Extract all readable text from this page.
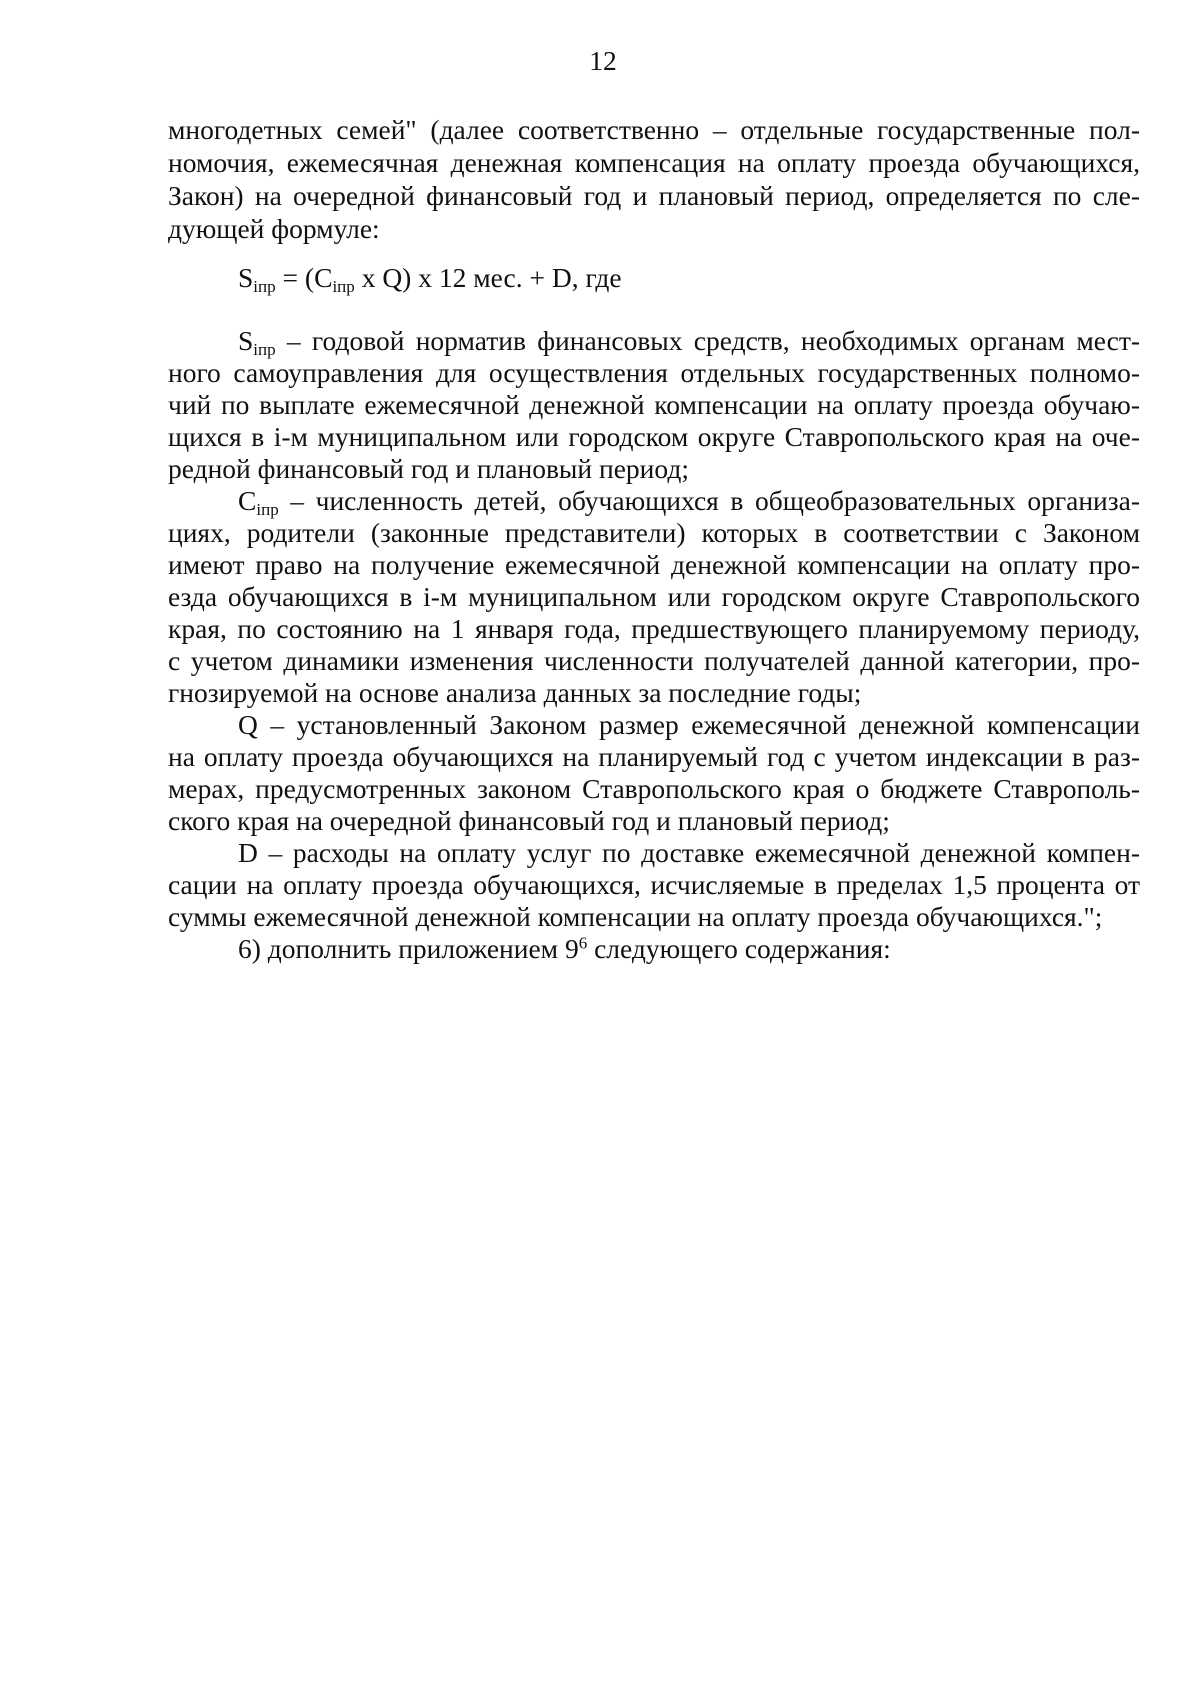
12
многодетных семей" (далее соответственно – отдельные государственные пол-
номочия, ежемесячная денежная компенсация на оплату проезда обучающихся,
Закон) на очередной финансовый год и плановый период, определяется по сле-
дующей формуле:
$S_{iпр} = (C_{iпр}$ x Q) x 12 мес. + D, где
$S_{iпр}$ – годовой норматив финансовых средств, необходимых органам мест-
ного самоуправления для осуществления отдельных государственных полномо-
чий по выплате ежемесячной денежной компенсации на оплату проезда обучаю-
щихся в i-м муниципальном или городском округе Ставропольского края на оче-
редной финансовый год и плановый период;
$C_{iпр}$ – численность детей, обучающихся в общеобразовательных организа-
циях, родители (законные представители) которых в соответствии с Законом
имеют право на получение ежемесячной денежной компенсации на оплату про-
езда обучающихся в i-м муниципальном или городском округе Ставропольского
края, по состоянию на 1 января года, предшествующего планируемому периоду,
с учетом динамики изменения численности получателей данной категории, про-
гнозируемой на основе анализа данных за последние годы;
Q – установленный Законом размер ежемесячной денежной компенсации
на оплату проезда обучающихся на планируемый год с учетом индексации в раз-
мерах, предусмотренных законом Ставропольского края о бюджете Ставрополь-
ского края на очередной финансовый год и плановый период;
D – расходы на оплату услуг по доставке ежемесячной денежной компен-
сации на оплату проезда обучающихся, исчисляемые в пределах 1,5 процента от
суммы ежемесячной денежной компенсации на оплату проезда обучающихся.";
6) дополнить приложением $9^6$ следующего содержания:
